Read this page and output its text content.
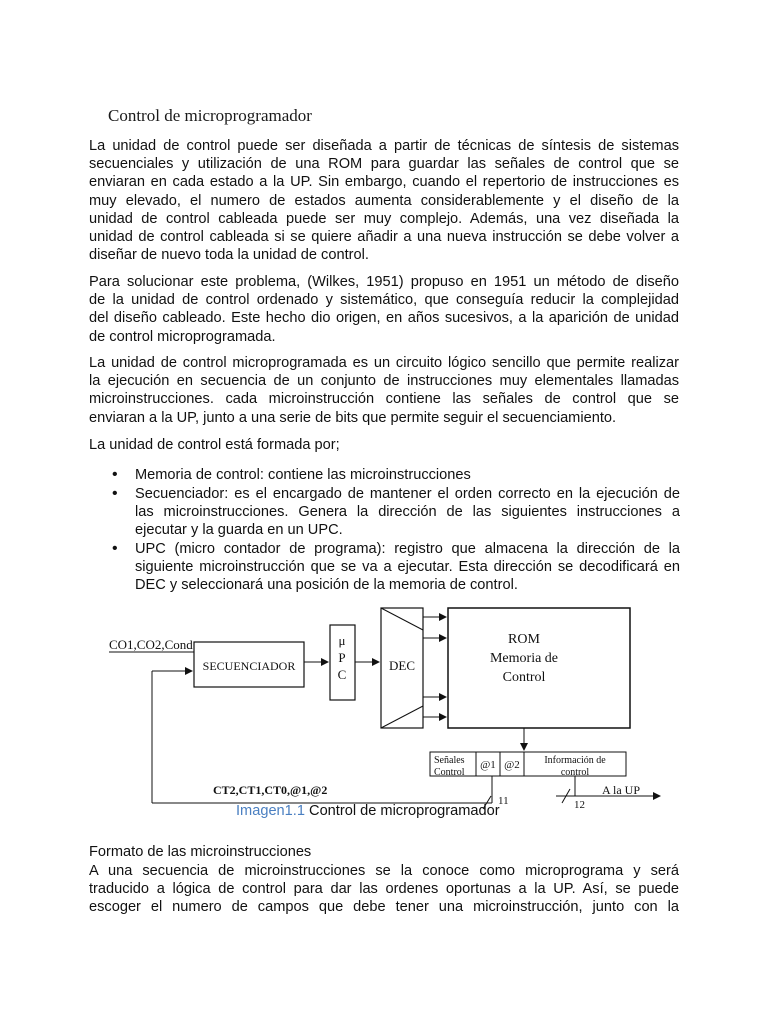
Control de microprogramador

La unidad de control puede ser diseñada a partir de técnicas de síntesis de sistemas
secuenciales y utilización de una ROM para guardar las señales de control que se
enviaran en cada estado a la UP. Sin embargo, cuando el repertorio de instrucciones es
muy elevado, el numero de estados aumenta considerablemente y el diseño de la
unidad de control cableada puede ser muy complejo. Además, una vez diseñada la
unidad de control cableada si se quiere añadir a una nueva instrucción se debe volver a
diseñar de nuevo toda la unidad de control.

Para solucionar este problema, (Wilkes, 1951) propuso en 1951 un método de diseño
de la unidad de control ordenado y sistemático, que conseguía reducir la complejidad
del diseño cableado. Este hecho dio origen, en años sucesivos, a la aparición de unidad
de control microprogramada.

La unidad de control microprogramada es un circuito lógico sencillo que permite realizar
la ejecución en secuencia de un conjunto de instrucciones muy elementales llamadas
microinstrucciones. cada microinstrucción contiene las señales de control que se
enviaran a la UP, junto a una serie de bits que permite seguir el secuenciamiento.

La unidad de control está formada por;

• Memoria de control: contiene las microinstrucciones

• Secuenciador: es el encargado de mantener el orden correcto en la ejecución de
las microinstrucciones. Genera la dirección de las siguientes instrucciones a
ejecutar y la guarda en un UPC.

• UPC (micro contador de programa): registro que almacena la dirección de la
siguiente microinstrucción que se va a ejecutar. Esta dirección se decodificará en
DEC y seleccionará una posición de la memoria de control.

CO1,CO2,Cond
SECUENCIADOR
μ
P
C
DEC
ROM
Memoria de
Control
Señales
Control
@1 @2 Información de
control
CT2,CT1,CT0,@1,@2
11	12
A la UP
Imagen1.1 Control de microprogramador
Formato de las microinstrucciones

A una secuencia de microinstrucciones se la conoce como microprograma y será
traducido a lógica de control para dar las ordenes oportunas a la UP. Así, se puede
escoger el numero de campos que debe tener una microinstrucción, junto con la
